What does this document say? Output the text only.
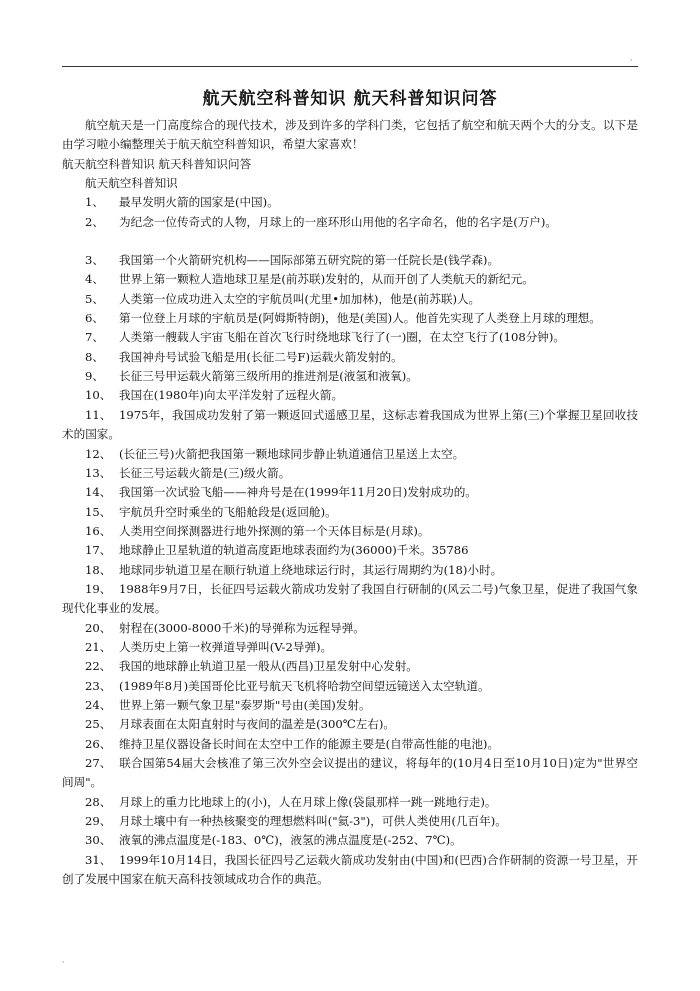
·
·
航天航空科普知识 航天科普知识问答

航空航天是一门高度综合的现代技术，涉及到许多的学科门类，它包括了航空和航天两个大的分支。以下是由学习啦小编整理关于航天航空科普知识，希望大家喜欢！

航天航空科普知识 航天科普知识问答

航天航空科普知识

1、 最早发明火箭的国家是(中国)。

2、 为纪念一位传奇式的人物，月球上的一座环形山用他的名字命名，他的名字是(万户)。

3、 我国第一个火箭研究机构——国际部第五研究院的第一任院长是(钱学森)。

4、 世界上第一颗粒人造地球卫星是(前苏联)发射的，从而开创了人类航天的新纪元。

5、 人类第一位成功进入太空的宇航员叫(尤里•加加林)，他是(前苏联)人。

6、 第一位登上月球的宇航员是(阿姆斯特朗)，他是(美国)人。他首先实现了人类登上月球的理想。

7、 人类第一艘载人宇宙飞船在首次飞行时绕地球飞行了(一)圈，在太空飞行了(108分钟)。

8、 我国神舟号试验飞船是用(长征二号F)运载火箭发射的。

9、 长征三号甲运载火箭第三级所用的推进剂是(液氢和液氧)。

10、 我国在(1980年)向太平洋发射了远程火箭。

11、 1975年，我国成功发射了第一颗返回式遥感卫星，这标志着我国成为世界上第(三)个掌握卫星回收技术的国家。

12、 (长征三号)火箭把我国第一颗地球同步静止轨道通信卫星送上太空。

13、 长征三号运载火箭是(三)级火箭。

14、 我国第一次试验飞船——神舟号是在(1999年11月20日)发射成功的。

15、 宇航员升空时乘坐的飞船舱段是(返回舱)。

16、 人类用空间探测器进行地外探测的第一个天体目标是(月球)。

17、 地球静止卫星轨道的轨道高度距地球表面约为(36000)千米。35786

18、 地球同步轨道卫星在顺行轨道上绕地球运行时，其运行周期约为(18)小时。

19、 1988年9月7日，长征四号运载火箭成功发射了我国自行研制的(风云二号)气象卫星，促进了我国气象现代化事业的发展。

20、 射程在(3000-8000千米)的导弹称为远程导弹。

21、 人类历史上第一枚弹道导弹叫(V-2导弹)。

22、 我国的地球静止轨道卫星一般从(西昌)卫星发射中心发射。

23、 (1989年8月)美国哥伦比亚号航天飞机将哈勃空间望远镜送入太空轨道。

24、 世界上第一颗气象卫星"泰罗斯"号由(美国)发射。

25、 月球表面在太阳直射时与夜间的温差是(300℃左右)。

26、 维持卫星仪器设备长时间在太空中工作的能源主要是(自带高性能的电池)。

27、 联合国第54届大会核准了第三次外空会议提出的建议，将每年的(10月4日至10月10日)定为"世界空间周"。

28、 月球上的重力比地球上的(小)，人在月球上像(袋鼠那样一跳一跳地行走)。

29、 月球土壤中有一种热核聚变的理想燃料叫("氦-3")，可供人类使用(几百年)。

30、 液氧的沸点温度是(-183、0℃)，液氢的沸点温度是(-252、7℃)。

31、 1999年10月14日，我国长征四号乙运载火箭成功发射由(中国)和(巴西)合作研制的资源一号卫星，开创了发展中国家在航天高科技领域成功合作的典范。
